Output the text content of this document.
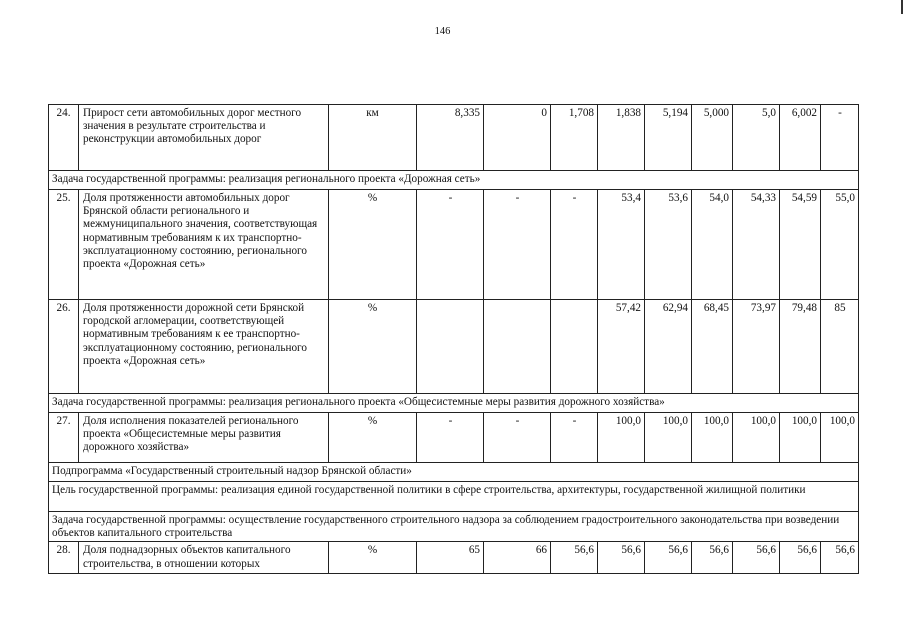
146
24.	Прирост сети автомобильных дорог местного значения в результате строительства и реконструкции автомобильных дорог	км	8,335	0	1,708	1,838	5,194	5,000	5,0	6,002	-
Задача государственной программы: реализация регионального проекта «Дорожная сеть»											
25.	Доля протяженности автомобильных дорог Брянской области регионального и межмуниципального значения, соответствующая нормативным требованиям к их транспортно-эксплуатационному состоянию, регионального проекта «Дорожная сеть»	%	-	-	-	53,4	53,6	54,0	54,33	54,59	55,0
26.	Доля протяженности дорожной сети Брянской городской агломерации, соответствующей нормативным требованиям к ее транспортно-эксплуатационному состоянию, регионального проекта «Дорожная сеть»	%				57,42	62,94	68,45	73,97	79,48	85
Задача государственной программы: реализация регионального проекта «Общесистемные меры развития дорожного хозяйства»											
27.	Доля исполнения показателей регионального проекта «Общесистемные меры развития дорожного хозяйства»	%	-	-	-	100,0	100,0	100,0	100,0	100,0	100,0
Подпрограмма «Государственный строительный надзор Брянской области»											
Цель государственной программы: реализация единой государственной политики в сфере строительства, архитектуры, государственной жилищной политики											
Задача государственной программы: осуществление государственного строительного надзора за соблюдением градостроительного законодательства при возведении объектов капитального строительства											
28.	Доля поднадзорных объектов капитального строительства, в отношении которых	%	65	66	56,6	56,6	56,6	56,6	56,6	56,6	56,6
